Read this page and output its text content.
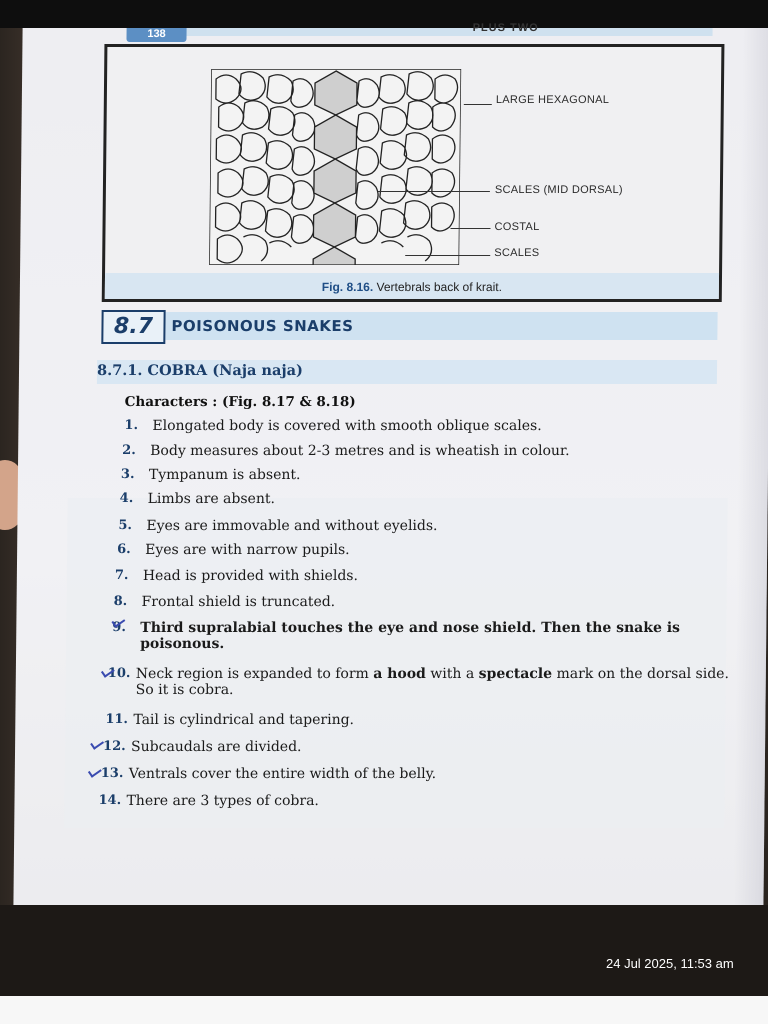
138	PLUS TWO
LARGE HEXAGONAL
SCALES (MID DORSAL)
COSTAL
SCALES
Fig. 8.16. Vertebrals back of krait.
8.7	POISONOUS SNAKES
8.7.1. COBRA (Naja naja)
Characters : (Fig. 8.17 & 8.18)
1. Elongated body is covered with smooth oblique scales.
2. Body measures about 2-3 metres and is wheatish in colour.
3. Tympanum is absent.
4. Limbs are absent.
5. Eyes are immovable and without eyelids.
6. Eyes are with narrow pupils.
7. Head is provided with shields.
8. Frontal shield is truncated.
9. Third supralabial touches the eye and nose shield. Then the snake is poisonous.
10. Neck region is expanded to form a hood with a spectacle mark on the dorsal side. So it is cobra.
11. Tail is cylindrical and tapering.
12. Subcaudals are divided.
13. Ventrals cover the entire width of the belly.
14. There are 3 types of cobra.
24 Jul 2025, 11:53 am
